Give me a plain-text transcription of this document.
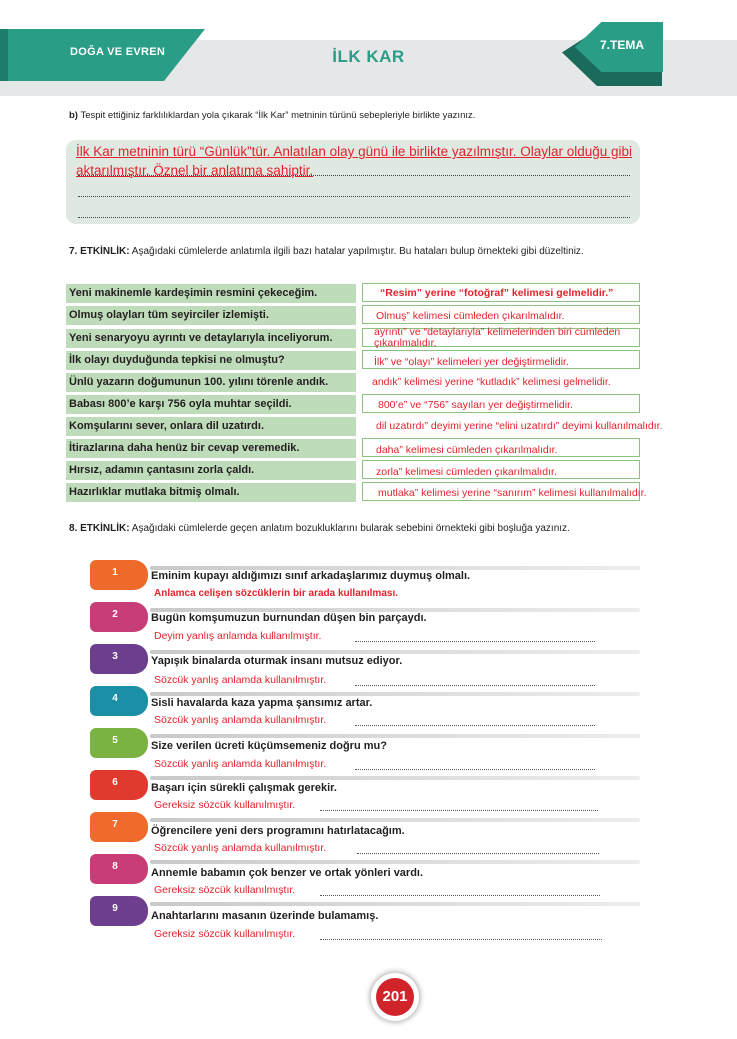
DOĞA VE EVREN	İLK KAR
7.TEMA
b) Tespit ettiğiniz farklılıklardan yola çıkarak “İlk Kar” metninin türünü sebepleriyle birlikte yazınız.
İlk Kar metninin türü “Günlük”tür. Anlatılan olay günü ile birlikte yazılmıştır. Olaylar olduğu gibi aktarılmıştır. Öznel bir anlatıma sahiptir.
7. ETKİNLİK: Aşağıdaki cümlelerde anlatımla ilgili bazı hatalar yapılmıştır. Bu hataları bulup örnekteki gibi düzeltiniz.
Yeni makinemle kardeşimin resmini çekeceğim.	“Resim” yerine “fotoğraf” kelimesi gelmelidir.”
Olmuş olayları tüm seyirciler izlemişti.	Olmuş” kelimesi cümleden çıkarılmalıdır.
Yeni senaryoyu ayrıntı ve detaylarıyla inceliyorum.	ayrıntı” ve “detaylarıyla” kelimelerinden biri cümleden çıkarılmalıdır.
İlk olayı duyduğunda tepkisi ne olmuştu?	İlk” ve “olayı” kelimeleri yer değiştirmelidir.
Ünlü yazarın doğumunun 100. yılını törenle andık.	andık” kelimesi yerine “kutladık” kelimesi gelmelidir.
Babası 800’e karşı 756 oyla muhtar seçildi.	800’e” ve “756” sayıları yer değiştirmelidir.
Komşularını sever, onlara dil uzatırdı.	dil uzatırdı” deyimi yerine “elini uzatırdı” deyimi kullanılmalıdır.
İtirazlarına daha henüz bir cevap veremedik.	daha” kelimesi cümleden çıkarılmalıdır.
Hırsız, adamın çantasını zorla çaldı.	zorla” kelimesi cümleden çıkarılmalıdır.
Hazırlıklar mutlaka bitmiş olmalı.	mutlaka” kelimesi yerine “sanırım” kelimesi kullanılmalıdır.
8. ETKİNLİK: Aşağıdaki cümlelerde geçen anlatım bozukluklarını bularak sebebini örnekteki gibi boşluğa yazınız.
1	Eminim kupayı aldığımızı sınıf arkadaşlarımız duymuş olmalı.
Anlamca celişen sözcüklerin bir arada kullanılması.
2	Bugün komşumuzun burnundan düşen bin parçaydı.
Deyim yanlış anlamda kullanılmıştır.
3	Yapışık binalarda oturmak insanı mutsuz ediyor.
Sözcük yanlış anlamda kullanılmıştır.
4	Sisli havalarda kaza yapma şansımız artar.
Sözcük yanlış anlamda kullanılmıştır.
5	Size verilen ücreti küçümsemeniz doğru mu?
Sözcük yanlış anlamda kullanılmıştır.
6	Başarı için sürekli çalışmak gerekir.
Gereksiz sözcük kullanılmıştır.
7
Öğrencilere yeni ders programını hatırlatacağım.
Sözcük yanlış anlamda kullanılmıştır.
8
Annemle babamın çok benzer ve ortak yönleri vardı.
Gereksiz sözcük kullanılmıştır.
9
Anahtarlarını masanın üzerinde bulamamış.
Gereksiz sözcük kullanılmıştır.
201
